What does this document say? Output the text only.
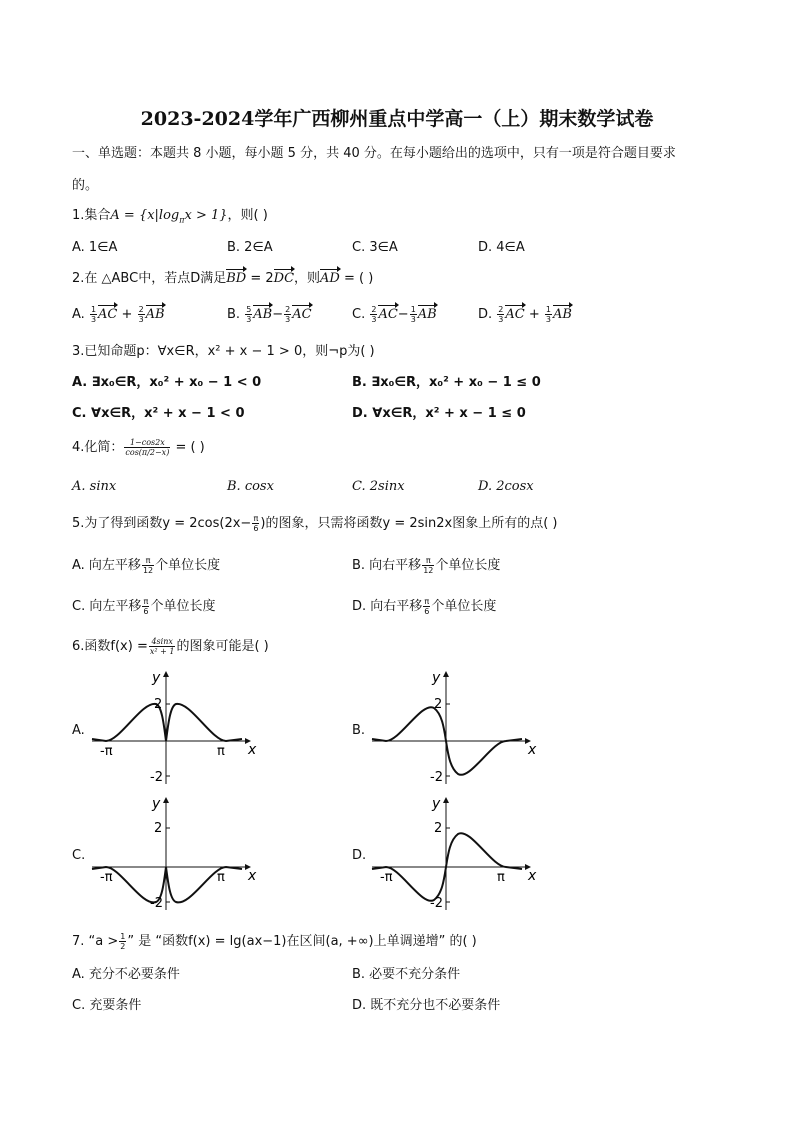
2023-2024学年广西柳州重点中学高一（上）期末数学试卷
一、单选题：本题共 8 小题，每小题 5 分，共 40 分。在每小题给出的选项中，只有一项是符合题目要求
的。
1.集合$A = \{x|\log_\pi x > 1\}$，则( )
A. 1∈A	B. 2∈A	C. 3∈A	D. 4∈A
2.在 △ABC中，若点D满足BD = 2DC，则AD = ( )
A. $\frac{1}{3}$ AC + $\frac{2}{3}$ AB	B. $\frac{5}{3} AB- \frac{2}{3}$ AC	C. $\frac{2}{3} AC- \frac{1}{3}$ AB	D. $\frac{2}{3}$ AC + $\frac{1}{3}$ AB
3.已知命题p：∀x∈R，x² + x − 1 > 0，则¬p为( )
A. ∃x₀∈R，x₀² + x₀ − 1 < 0	B. ∃x₀∈R，x₀² + x₀ − 1 ≤ 0
C. ∀x∈R，x² + x − 1 < 0	D. ∀x∈R，x² + x − 1 ≤ 0
4.化简： $\frac{1-\cos 2x}{\cos(\pi/2-x)}$ = ( )
A. sinx	B. cosx	C. 2sinx	D. 2cosx
5.为了得到函数$y = 2\cos(2x- \frac{\pi}{6}$ )的图象，只需将函数y = 2sin2x图象上所有的点( )
A. 向左平移 $\frac{\pi}{12}$ 个单位长度	B. 向右平移 $\frac{\pi}{12}$ 个单位长度
C. 向左平移 $\frac{\pi}{6}$ 个单位长度	D. 向右平移 $\frac{\pi}{6}$ 个单位长度
6.函数$f(x) = \frac{4\sin x}{\text{x² + 1}}$ 的图象可能是( )
A.	B.
C.	D.
2
-2
-π	π x
y
2
-2
x
y
2
-2
-π	π x
y
2
-2
-π	π x
y
7. “$a > \frac{1}{2}$ ” 是 “函数f(x) = lg(ax−1)在区间(a, +∞)上单调递增” 的( )
A. 充分不必要条件	B. 必要不充分条件
C. 充要条件	D. 既不充分也不必要条件
